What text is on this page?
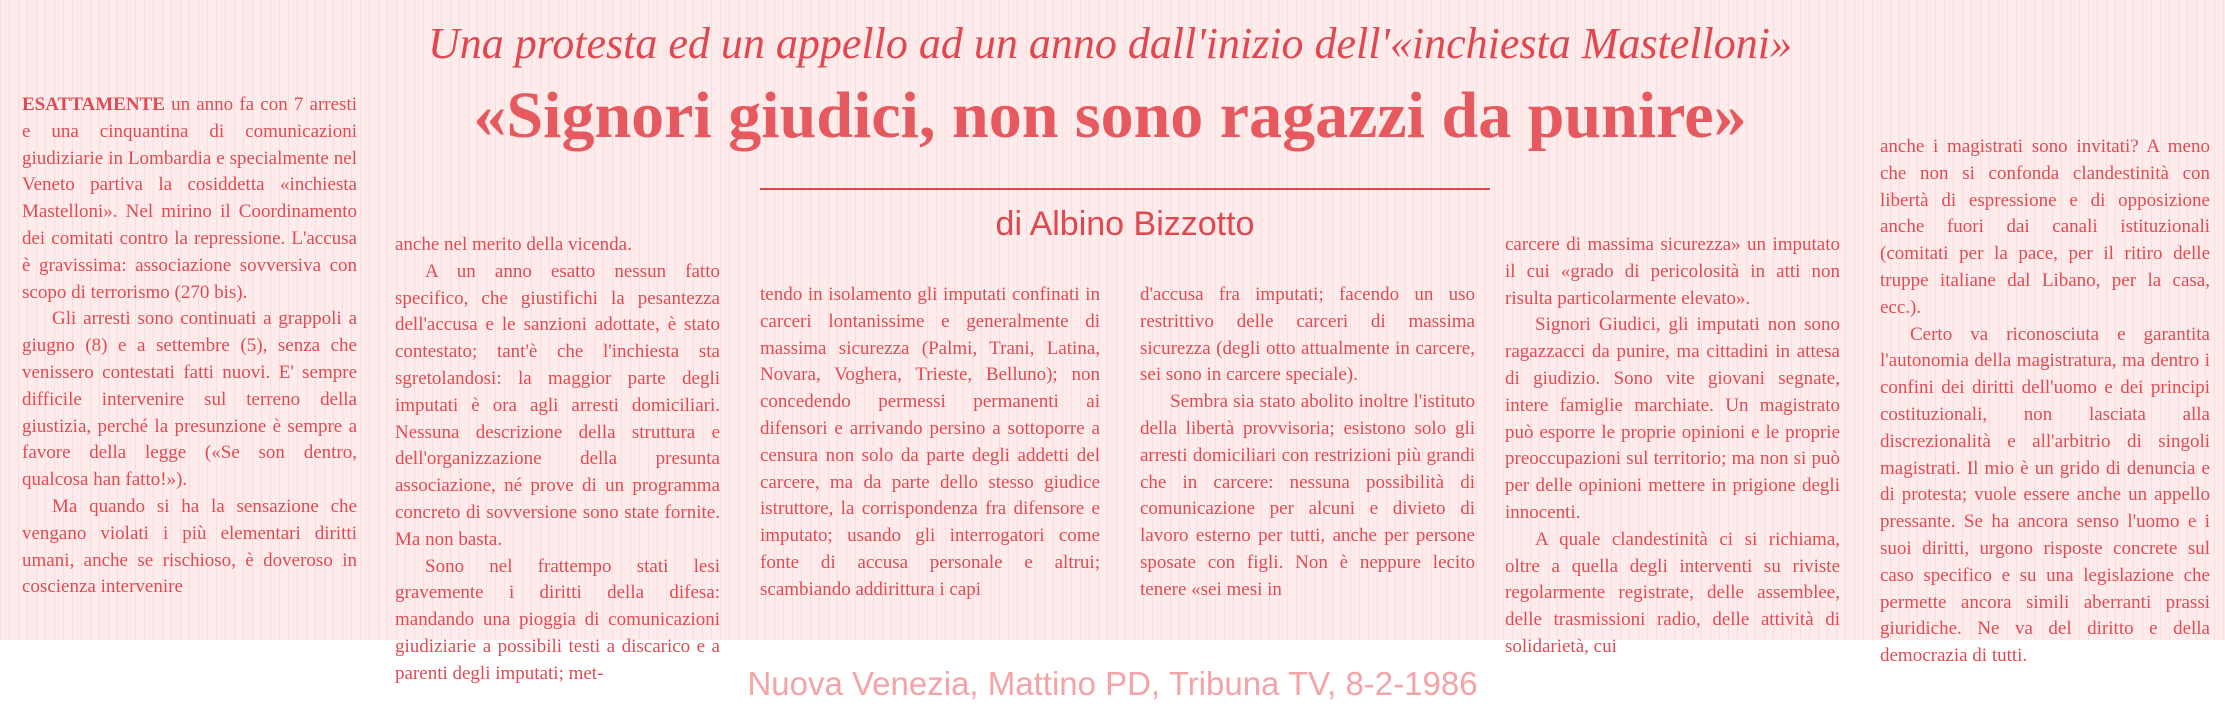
Una protesta ed un appello ad un anno dall'inizio dell'«inchiesta Mastelloni»
«Signori giudici, non sono ragazzi da punire»
di Albino Bizzotto

ESATTAMENTE un anno fa con 7 arresti e una cinquantina di comunicazioni giudiziarie in Lombardia e specialmente nel Veneto partiva la cosiddetta «inchiesta Mastelloni». Nel mirino il Coordinamento dei comitati contro la repressione. L'accusa è gravissima: associazione sovversiva con scopo di terrorismo (270 bis).

Gli arresti sono continuati a grappoli a giugno (8) e a settembre (5), senza che venissero contestati fatti nuovi. E' sempre difficile intervenire sul terreno della giustizia, perché la presunzione è sempre a favore della legge («Se son dentro, qualcosa han fatto!»).

Ma quando si ha la sensazione che vengano violati i più elementari diritti umani, anche se rischioso, è doveroso in coscienza intervenire

anche nel merito della vicenda.

A un anno esatto nessun fatto specifico, che giustifichi la pesantezza dell'accusa e le sanzioni adottate, è stato contestato; tant'è che l'inchiesta sta sgretolandosi: la maggior parte degli imputati è ora agli arresti domiciliari. Nessuna descrizione della struttura e dell'organizzazione della presunta associazione, né prove di un programma concreto di sovversione sono state fornite. Ma non basta.

Sono nel frattempo stati lesi gravemente i diritti della difesa: mandando una pioggia di comunicazioni giudiziarie a possibili testi a discarico e a parenti degli imputati; met-

tendo in isolamento gli imputati confinati in carceri lontanissime e generalmente di massima sicurezza (Palmi, Trani, Latina, Novara, Voghera, Trieste, Belluno); non concedendo permessi permanenti ai difensori e arrivando persino a sottoporre a censura non solo da parte degli addetti del carcere, ma da parte dello stesso giudice istruttore, la corrispondenza fra difensore e imputato; usando gli interrogatori come fonte di accusa personale e altrui; scambiando addirittura i capi

d'accusa fra imputati; facendo un uso restrittivo delle carceri di massima sicurezza (degli otto attualmente in carcere, sei sono in carcere speciale).

Sembra sia stato abolito inoltre l'istituto della libertà provvisoria; esistono solo gli arresti domiciliari con restrizioni più grandi che in carcere: nessuna possibilità di comunicazione per alcuni e divieto di lavoro esterno per tutti, anche per persone sposate con figli. Non è neppure lecito tenere «sei mesi in

carcere di massima sicurezza» un imputato il cui «grado di pericolosità in atti non risulta particolarmente elevato».

Signori Giudici, gli imputati non sono ragazzacci da punire, ma cittadini in attesa di giudizio. Sono vite giovani segnate, intere famiglie marchiate. Un magistrato può esporre le proprie opinioni e le proprie preoccupazioni sul territorio; ma non si può per delle opinioni mettere in prigione degli innocenti.

A quale clandestinità ci si richiama, oltre a quella degli interventi su riviste regolarmente registrate, delle assemblee, delle trasmissioni radio, delle attività di solidarietà, cui

anche i magistrati sono invitati? A meno che non si confonda clandestinità con libertà di espressione e di opposizione anche fuori dai canali istituzionali (comitati per la pace, per il ritiro delle truppe italiane dal Libano, per la casa, ecc.).

Certo va riconosciuta e garantita l'autonomia della magistratura, ma dentro i confini dei diritti dell'uomo e dei principi costituzionali, non lasciata alla discrezionalità e all'arbitrio di singoli magistrati. Il mio è un grido di denuncia e di protesta; vuole essere anche un appello pressante. Se ha ancora senso l'uomo e i suoi diritti, urgono risposte concrete sul caso specifico e su una legislazione che permette ancora simili aberranti prassi giuridiche. Ne va del diritto e della democrazia di tutti.

Nuova Venezia, Mattino PD, Tribuna TV, 8-2-1986
